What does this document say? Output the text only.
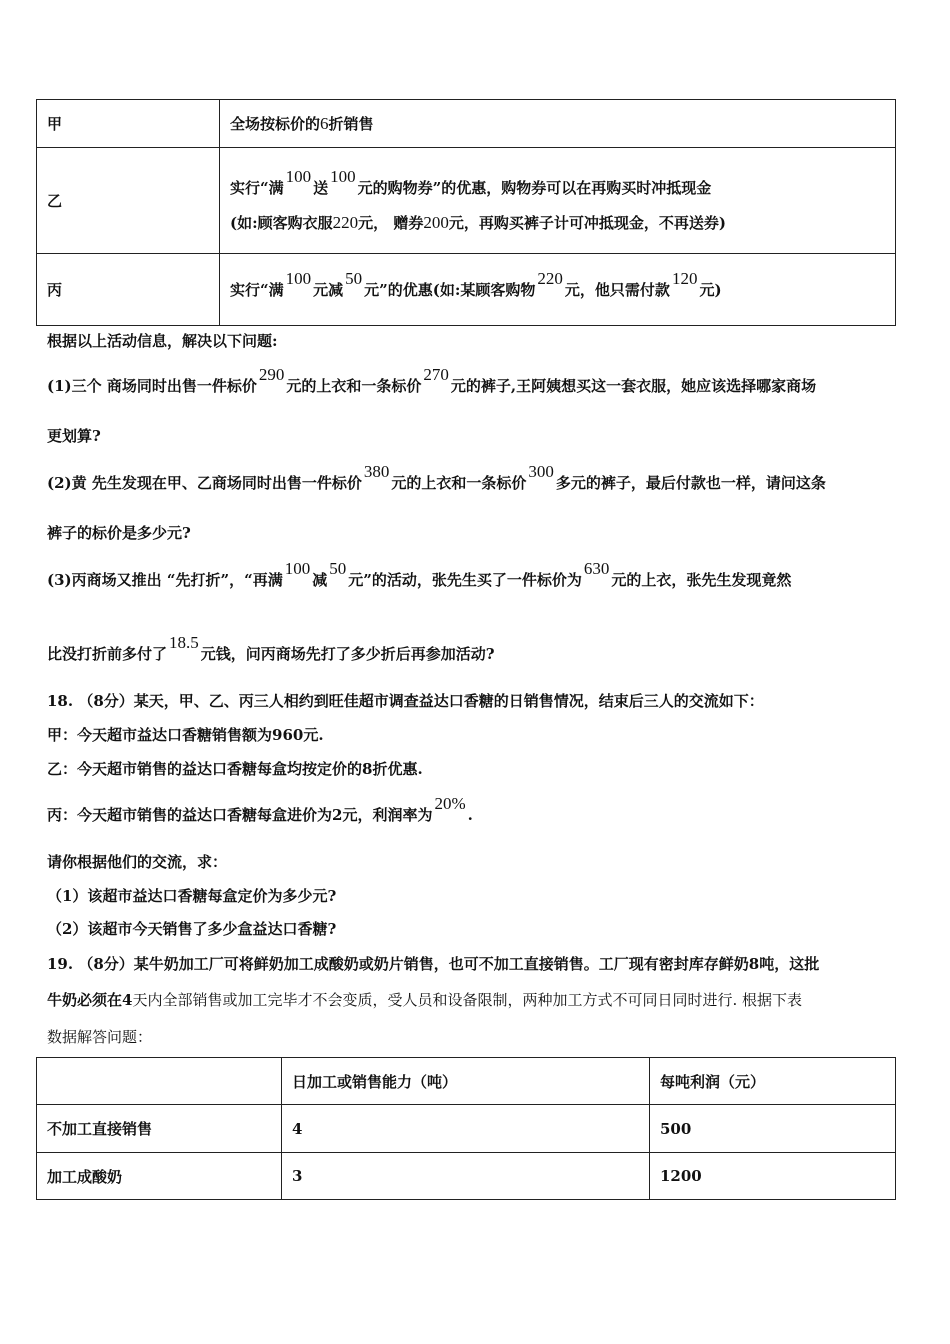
甲	全场按标价的6折销售
乙	实行“满100送100元的购物券”的优惠，购物券可以在再购买时冲抵现金
(如:顾客购衣服220元， 赠券200元，再购买裤子计可冲抵现金，不再送券)

丙	实行“满100元减50元”的优惠(如:某顾客购物220元，他只需付款120元)
根据以上活动信息，解决以下问题:
(1)三个 商场同时出售一件标价290元的上衣和一条标价270元的裤子,王阿姨想买这一套衣服，她应该选择哪家商场
更划算?
(2)黄 先生发现在甲、乙商场同时出售一件标价380元的上衣和一条标价300多元的裤子，最后付款也一样，请问这条
裤子的标价是多少元?
(3)丙商场又推出 “先打折”，“再满100减50元”的活动，张先生买了一件标价为630元的上衣，张先生发现竟然
比没打折前多付了18.5元钱，问丙商场先打了多少折后再参加活动?
18. （8分）某天，甲、乙、丙三人相约到旺佳超市调查益达口香糖的日销售情况，结束后三人的交流如下：
甲：今天超市益达口香糖销售额为960元.
乙：今天超市销售的益达口香糖每盒均按定价的8折优惠.
丙：今天超市销售的益达口香糖每盒进价为2元，利润率为20%.
请你根据他们的交流，求：
（1）该超市益达口香糖每盒定价为多少元?
（2）该超市今天销售了多少盒益达口香糖?
19. （8分）某牛奶加工厂可将鲜奶加工成酸奶或奶片销售，也可不加工直接销售。工厂现有密封库存鲜奶8吨，这批
牛奶必须在4天内全部销售或加工完毕才不会变质，受人员和设备限制，两种加工方式不可同日同时进行. 根据下表
数据解答问题：
	日加工或销售能力（吨）	每吨利润（元）
不加工直接销售	4	500
加工成酸奶	3	1200
